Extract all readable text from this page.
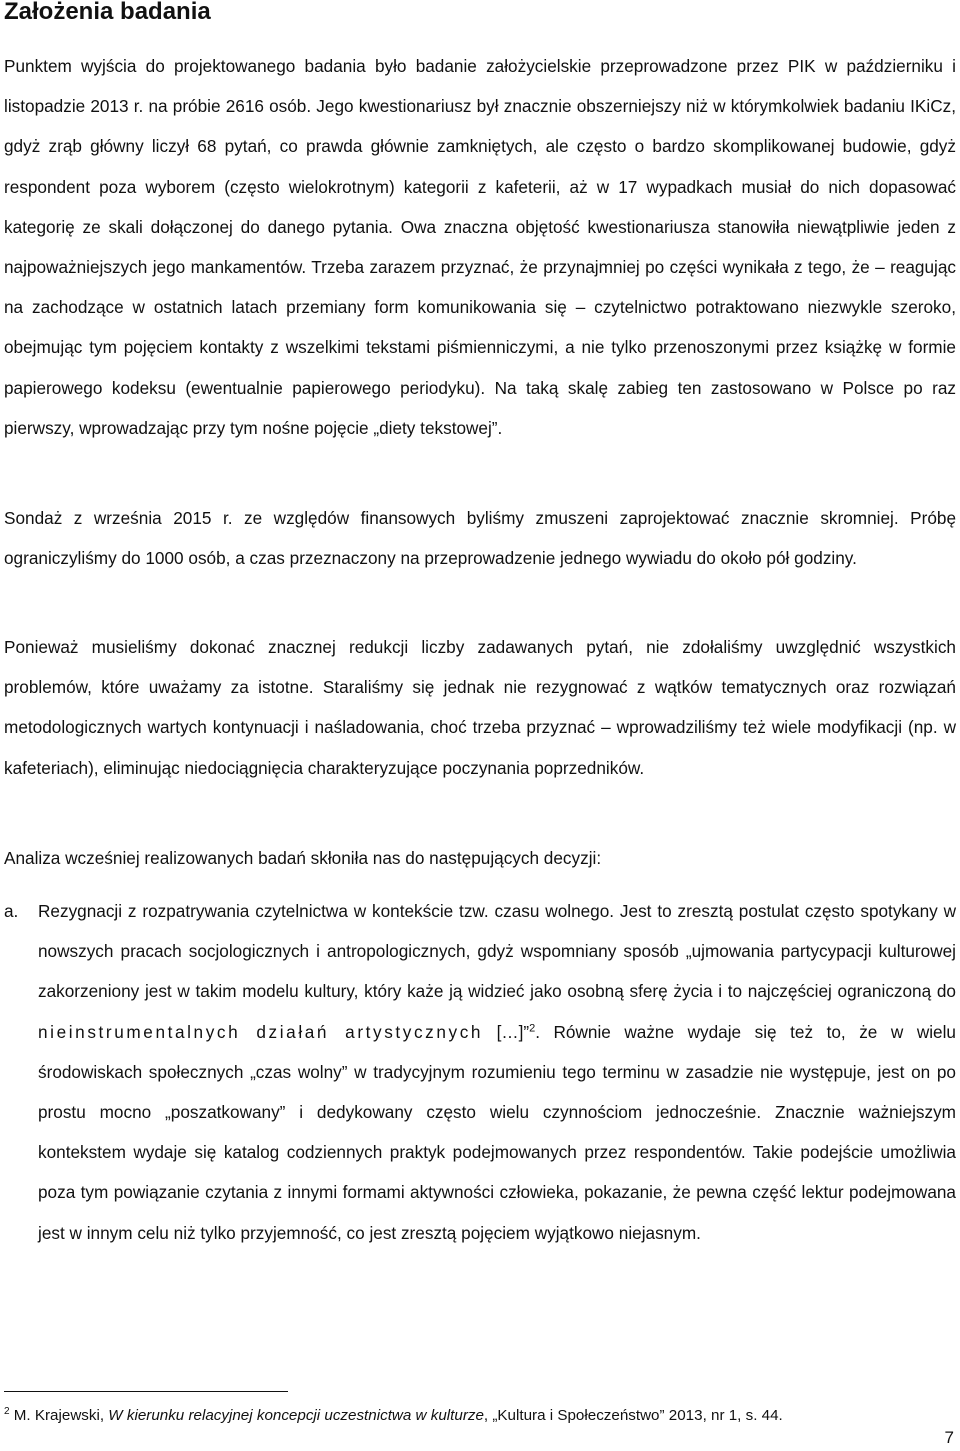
Założenia badania

Punktem wyjścia do projektowanego badania było badanie założycielskie przeprowadzone przez PIK w październiku i listopadzie 2013 r. na próbie 2616 osób. Jego kwestionariusz był znacznie obszerniejszy niż w którymkolwiek badaniu IKiCz, gdyż zrąb główny liczył 68 pytań, co prawda głównie zamkniętych, ale często o bardzo skomplikowanej budowie, gdyż respondent poza wyborem (często wielokrotnym) kategorii z kafeterii, aż w 17 wypadkach musiał do nich dopasować kategorię ze skali dołączonej do danego pytania. Owa znaczna objętość kwestionariusza stanowiła niewątpliwie jeden z najpoważniejszych jego mankamentów. Trzeba zarazem przyznać, że przynajmniej po części wynikała z tego, że – reagując na zachodzące w ostatnich latach przemiany form komunikowania się – czytelnictwo potraktowano niezwykle szeroko, obejmując tym pojęciem kontakty z wszelkimi tekstami piśmienniczymi, a nie tylko przenoszonymi przez książkę w formie papierowego kodeksu (ewentualnie papierowego periodyku). Na taką skalę zabieg ten zastosowano w Polsce po raz pierwszy, wprowadzając przy tym nośne pojęcie „diety tekstowej”.

Sondaż z września 2015 r. ze względów finansowych byliśmy zmuszeni zaprojektować znacznie skromniej. Próbę ograniczyliśmy do 1000 osób, a czas przeznaczony na przeprowadzenie jednego wywiadu do około pół godziny.

Ponieważ musieliśmy dokonać znacznej redukcji liczby zadawanych pytań, nie zdołaliśmy uwzględnić wszystkich problemów, które uważamy za istotne. Staraliśmy się jednak nie rezygnować z wątków tematycznych oraz rozwiązań metodologicznych wartych kontynuacji i naśladowania, choć trzeba przyznać – wprowadziliśmy też wiele modyfikacji (np. w kafeteriach), eliminując niedociągnięcia charakteryzujące poczynania poprzedników.

Analiza wcześniej realizowanych badań skłoniła nas do następujących decyzji:

a. Rezygnacji z rozpatrywania czytelnictwa w kontekście tzw. czasu wolnego. Jest to zresztą postulat często spotykany w nowszych pracach socjologicznych i antropologicznych, gdyż wspomniany sposób „ujmowania partycypacji kulturowej zakorzeniony jest w takim modelu kultury, który każe ją widzieć jako osobną sferę życia i to najczęściej ograniczoną do nieinstrumentalnych działań artystycznych […]”$^2$. Równie ważne wydaje się też to, że w wielu środowiskach społecznych „czas wolny” w tradycyjnym rozumieniu tego terminu w zasadzie nie występuje, jest on po prostu mocno „poszatkowany” i dedykowany często wielu czynnościom jednocześnie. Znacznie ważniejszym kontekstem wydaje się katalog codziennych praktyk podejmowanych przez respondentów. Takie podejście umożliwia poza tym powiązanie czytania z innymi formami aktywności człowieka, pokazanie, że pewna część lektur podejmowana jest w innym celu niż tylko przyjemność, co jest zresztą pojęciem wyjątkowo niejasnym.

$^2$ M. Krajewski, W kierunku relacyjnej koncepcji uczestnictwa w kulturze, „Kultura i Społeczeństwo” 2013, nr 1, s. 44.

7
